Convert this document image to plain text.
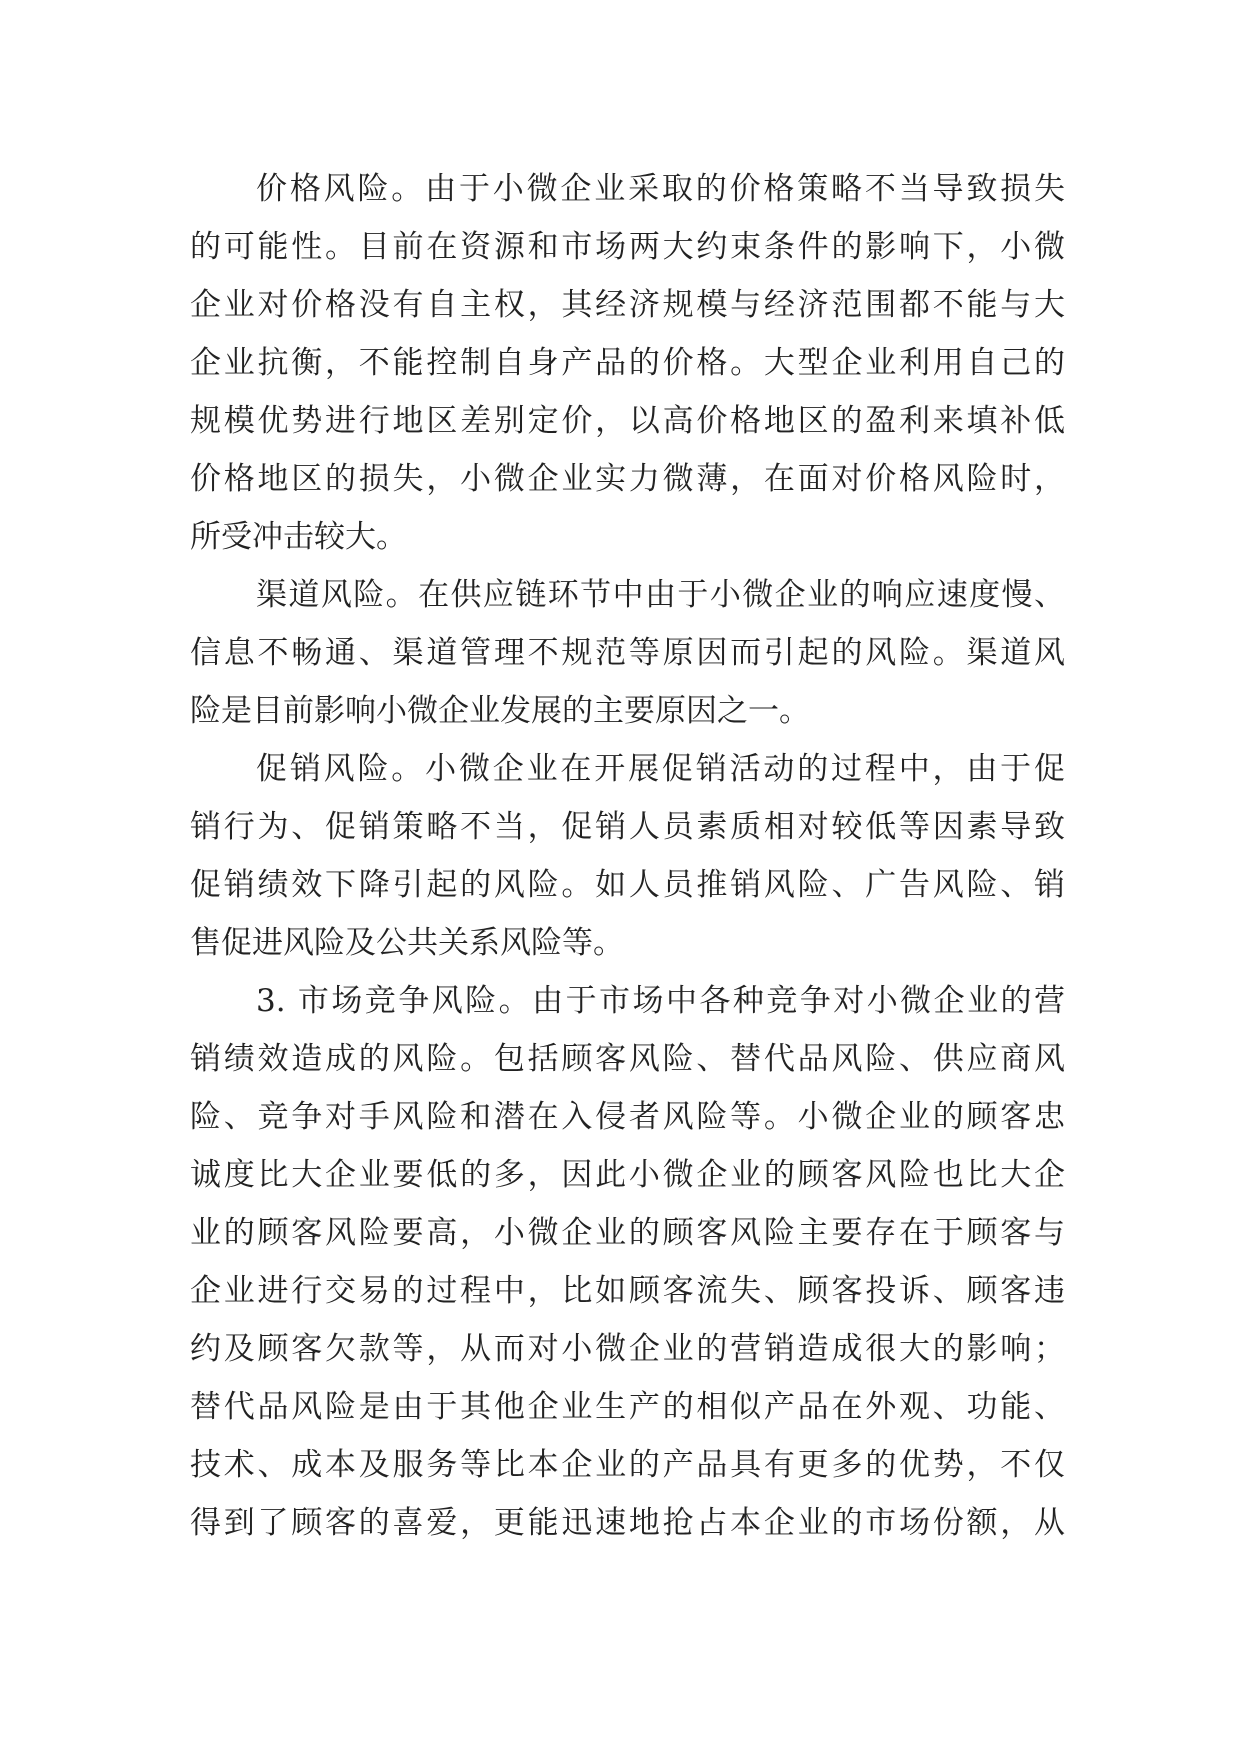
价格风险。由于小微企业采取的价格策略不当导致损失
的可能性。目前在资源和市场两大约束条件的影响下，小微
企业对价格没有自主权，其经济规模与经济范围都不能与大
企业抗衡，不能控制自身产品的价格。大型企业利用自己的
规模优势进行地区差别定价，以高价格地区的盈利来填补低
价格地区的损失，小微企业实力微薄，在面对价格风险时，
所受冲击较大。
渠道风险。在供应链环节中由于小微企业的响应速度慢、
信息不畅通、渠道管理不规范等原因而引起的风险。渠道风
险是目前影响小微企业发展的主要原因之一。
促销风险。小微企业在开展促销活动的过程中，由于促
销行为、促销策略不当，促销人员素质相对较低等因素导致
促销绩效下降引起的风险。如人员推销风险、广告风险、销
售促进风险及公共关系风险等。
3. 市场竞争风险。由于市场中各种竞争对小微企业的营
销绩效造成的风险。包括顾客风险、替代品风险、供应商风
险、竞争对手风险和潜在入侵者风险等。小微企业的顾客忠
诚度比大企业要低的多，因此小微企业的顾客风险也比大企
业的顾客风险要高，小微企业的顾客风险主要存在于顾客与
企业进行交易的过程中，比如顾客流失、顾客投诉、顾客违
约及顾客欠款等，从而对小微企业的营销造成很大的影响；
替代品风险是由于其他企业生产的相似产品在外观、功能、
技术、成本及服务等比本企业的产品具有更多的优势，不仅
得到了顾客的喜爱，更能迅速地抢占本企业的市场份额，从
